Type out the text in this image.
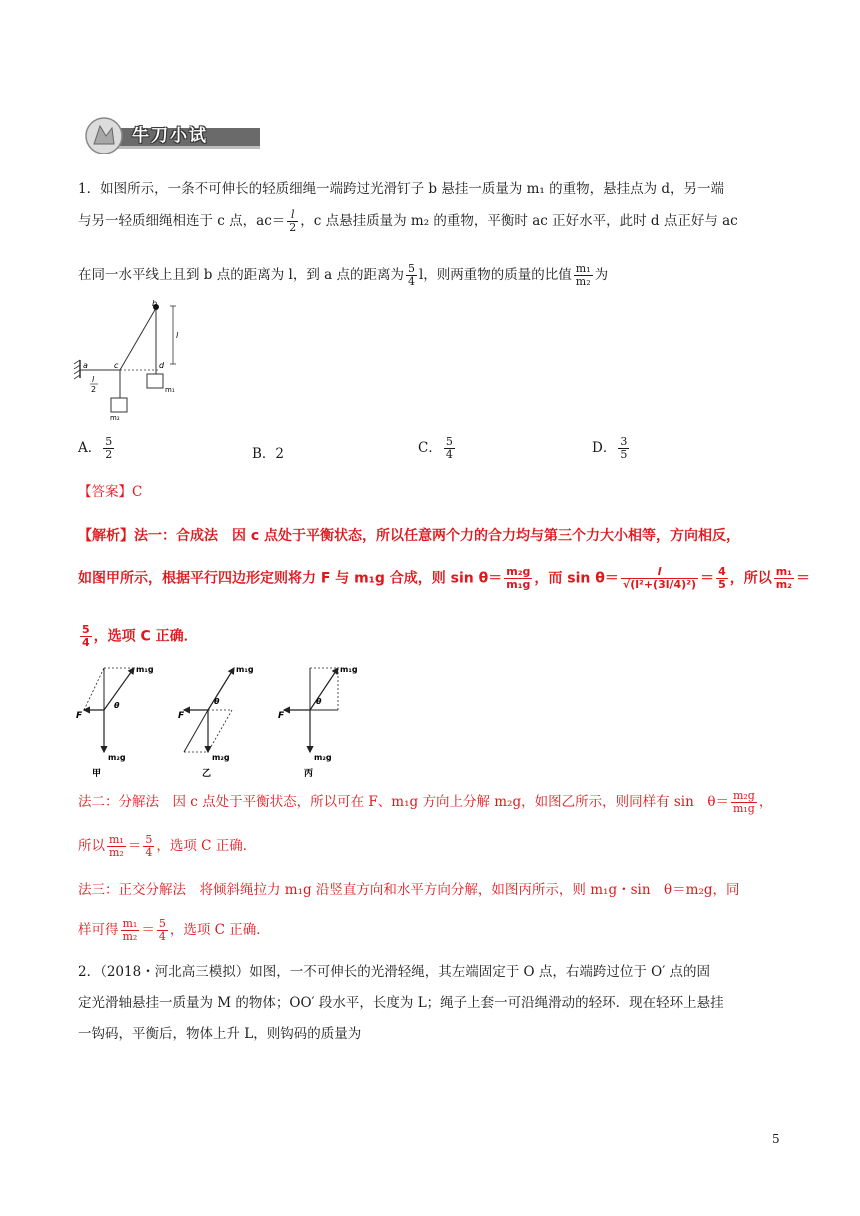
牛刀小试
1．如图所示，一条不可伸长的轻质细绳一端跨过光滑钉子 b 悬挂一质量为 m₁ 的重物，悬挂点为 d，另一端
与另一轻质细绳相连于 c 点，$ac= \frac{l}{2}$ ，c 点悬挂质量为 m₂ 的重物，平衡时 ac 正好水平，此时 d 点正好与 ac
在同一水平线上且到 b 点的距离为 l，到 a 点的距离为 $\frac{5}{4}$ l，则两重物的质量的比值 $\frac{\text{m₁}}{\text{m₂}}$ 为
b
l
a	c	d
l
2	m₁
m₂
A． $\frac{5}{2}$	B．2	C． $\frac{5}{4}$	D． $\frac{3}{5}$
【答案】C
【解析】法一：合成法　因 c 点处于平衡状态，所以任意两个力的合力均与第三个力大小相等，方向相反，
如图甲所示，根据平行四边形定则将力 F 与 m₁g 合成，则 $\sin \theta= \frac{\text{m₂g}}{\text{m₁g}}$ ，而 $\sin \theta= \frac{l}{\text{√(l²+(3l/4)²)}} = \frac{4}{5}$ ，所以 $\frac{\text{m₁}}{\text{m₂}}$ ＝
$\frac{5}{4}$ ，选项 C 正确．
m₁g
m₂g
F
θ
甲
m₁g
m₂g
F
θ
乙
m₁g
m₂g
F
θ
丙
法二：分解法　因 c 点处于平衡状态，所以可在 F、m₁g 方向上分解 m₂g，如图乙所示，则同样有 sin　$\theta= \frac{\text{m₂g}}{\text{m₁g}}$ ，
所以 $\frac{\text{m₁}}{\text{m₂}} = \frac{5}{4}$ ，选项 C 正确．
法三：正交分解法　将倾斜绳拉力 m₁g 沿竖直方向和水平方向分解，如图丙所示，则 m₁g・sin　θ＝m₂g，同
样可得 $\frac{\text{m₁}}{\text{m₂}} = \frac{5}{4}$ ，选项 C 正确．
2．（2018・河北高三模拟）如图，一不可伸长的光滑轻绳，其左端固定于 O 点，右端跨过位于 O′ 点的固
定光滑轴悬挂一质量为 M 的物体；OO′ 段水平，长度为 L；绳子上套一可沿绳滑动的轻环．现在轻环上悬挂
一钩码，平衡后，物体上升 L，则钩码的质量为
5
